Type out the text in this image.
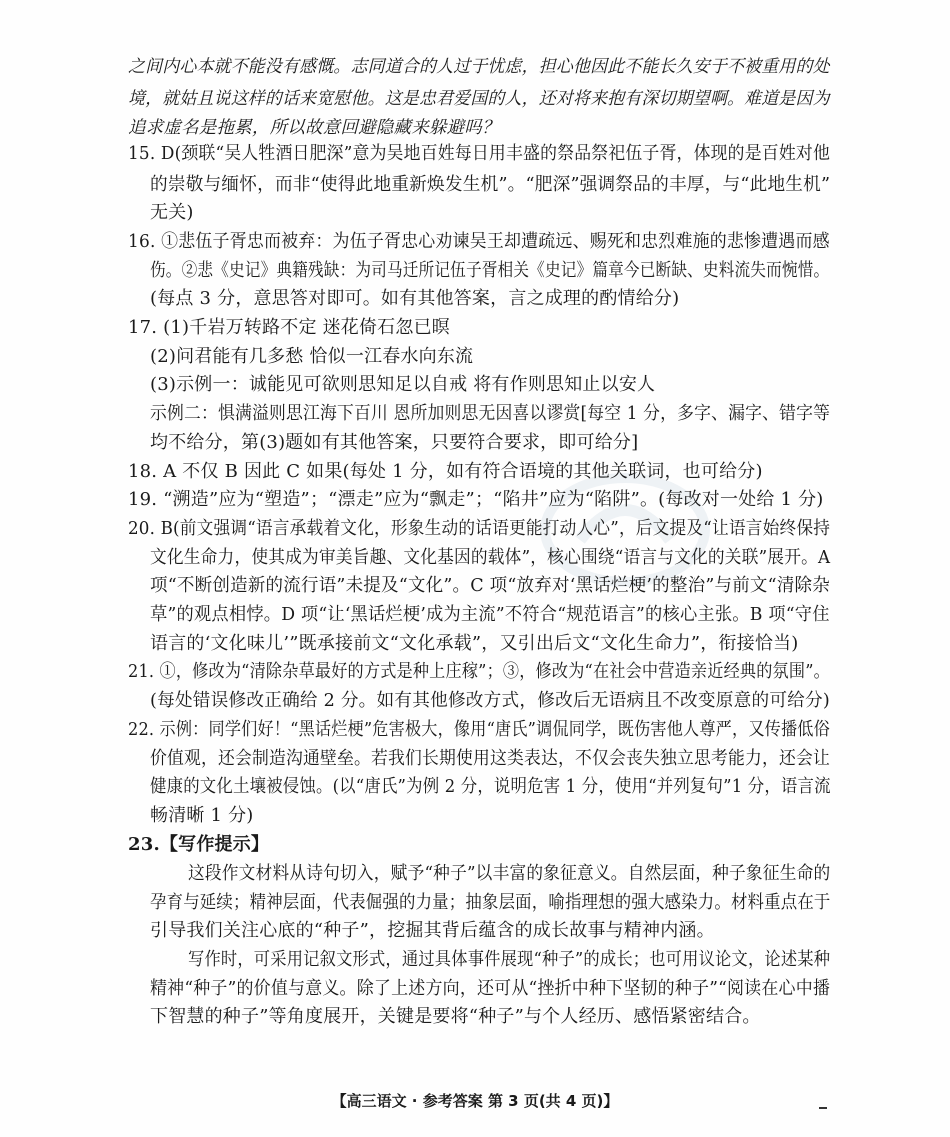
之间内心本就不能没有感慨。志同道合的人过于忧虑，担心他因此不能长久安于不被重用的处
境，就姑且说这样的话来宽慰他。这是忠君爱国的人，还对将来抱有深切期望啊。难道是因为
追求虚名是拖累，所以故意回避隐藏来躲避吗？
15. D(颈联“吴人牲酒日肥深”意为吴地百姓每日用丰盛的祭品祭祀伍子胥，体现的是百姓对他
的崇敬与缅怀，而非“使得此地重新焕发生机”。“肥深”强调祭品的丰厚，与“此地生机”
无关)
16. ①悲伍子胥忠而被弃：为伍子胥忠心劝谏吴王却遭疏远、赐死和忠烈难施的悲惨遭遇而感
伤。②悲《史记》典籍残缺：为司马迁所记伍子胥相关《史记》篇章今已断缺、史料流失而惋惜。
(每点 3 分，意思答对即可。如有其他答案，言之成理的酌情给分)
17. (1)千岩万转路不定 迷花倚石忽已暝
(2)问君能有几多愁 恰似一江春水向东流
(3)示例一：诚能见可欲则思知足以自戒 将有作则思知止以安人
示例二：惧满溢则思江海下百川 恩所加则思无因喜以谬赏[每空 1 分，多字、漏字、错字等
均不给分，第(3)题如有其他答案，只要符合要求，即可给分]
18. A 不仅 B 因此 C 如果(每处 1 分，如有符合语境的其他关联词，也可给分)
19. “溯造”应为“塑造”；“漂走”应为“飘走”；“陷井”应为“陷阱”。(每改对一处给 1 分)
20. B(前文强调“语言承载着文化，形象生动的话语更能打动人心”，后文提及“让语言始终保持
文化生命力，使其成为审美旨趣、文化基因的载体”，核心围绕“语言与文化的关联”展开。A
项“不断创造新的流行语”未提及“文化”。C 项“放弃对‘黑话烂梗’的整治”与前文“清除杂
草”的观点相悖。D 项“让‘黑话烂梗’成为主流”不符合“规范语言”的核心主张。B 项“守住
语言的‘文化味儿’”既承接前文“文化承载”，又引出后文“文化生命力”，衔接恰当)
21. ①，修改为“清除杂草最好的方式是种上庄稼”；③，修改为“在社会中营造亲近经典的氛围”。
(每处错误修改正确给 2 分。如有其他修改方式，修改后无语病且不改变原意的可给分)
22. 示例：同学们好！“黑话烂梗”危害极大，像用“唐氏”调侃同学，既伤害他人尊严，又传播低俗
价值观，还会制造沟通壁垒。若我们长期使用这类表达，不仅会丧失独立思考能力，还会让
健康的文化土壤被侵蚀。(以“唐氏”为例 2 分，说明危害 1 分，使用“并列复句”1 分，语言流
畅清晰 1 分)
23.【写作提示】
这段作文材料从诗句切入，赋予“种子”以丰富的象征意义。自然层面，种子象征生命的
孕育与延续；精神层面，代表倔强的力量；抽象层面，喻指理想的强大感染力。材料重点在于
引导我们关注心底的“种子”，挖掘其背后蕴含的成长故事与精神内涵。
写作时，可采用记叙文形式，通过具体事件展现“种子”的成长；也可用议论文，论述某种
精神“种子”的价值与意义。除了上述方向，还可从“挫折中种下坚韧的种子”“阅读在心中播
下智慧的种子”等角度展开，关键是要将“种子”与个人经历、感悟紧密结合。
【高三语文 · 参考答案 第 3 页(共 4 页)】
